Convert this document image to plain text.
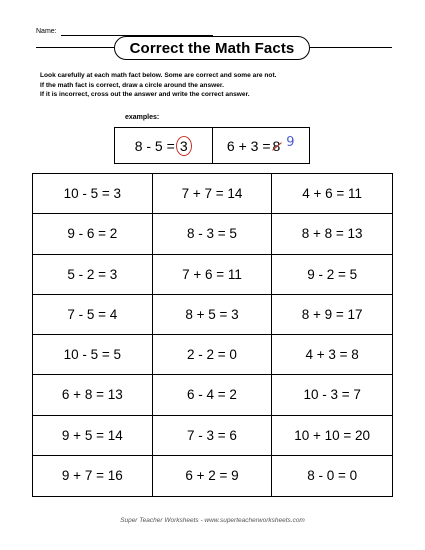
Name:
Correct the Math Facts
Look carefully at each math fact below. Some are correct and some are not.
If the math fact is correct, draw a circle around the answer.
If it is incorrect, cross out the answer and write the correct answer.
examples:
8 - 5 = 3	6 + 3 = 8 9
10 - 5 = 3	7 + 7 = 14	4 + 6 = 11
9 - 6 = 2	8 - 3 = 5	8 + 8 = 13
5 - 2 = 3	7 + 6 = 11	9 - 2 = 5
7 - 5 = 4	8 + 5 = 3	8 + 9 = 17
10 - 5 = 5	2 - 2 = 0	4 + 3 = 8
6 + 8 = 13	6 - 4 = 2	10 - 3 = 7
9 + 5 = 14	7 - 3 = 6	10 + 10 = 20
9 + 7 = 16	6 + 2 = 9	8 - 0 = 0
Super Teacher Worksheets - www.superteacherworksheets.com
